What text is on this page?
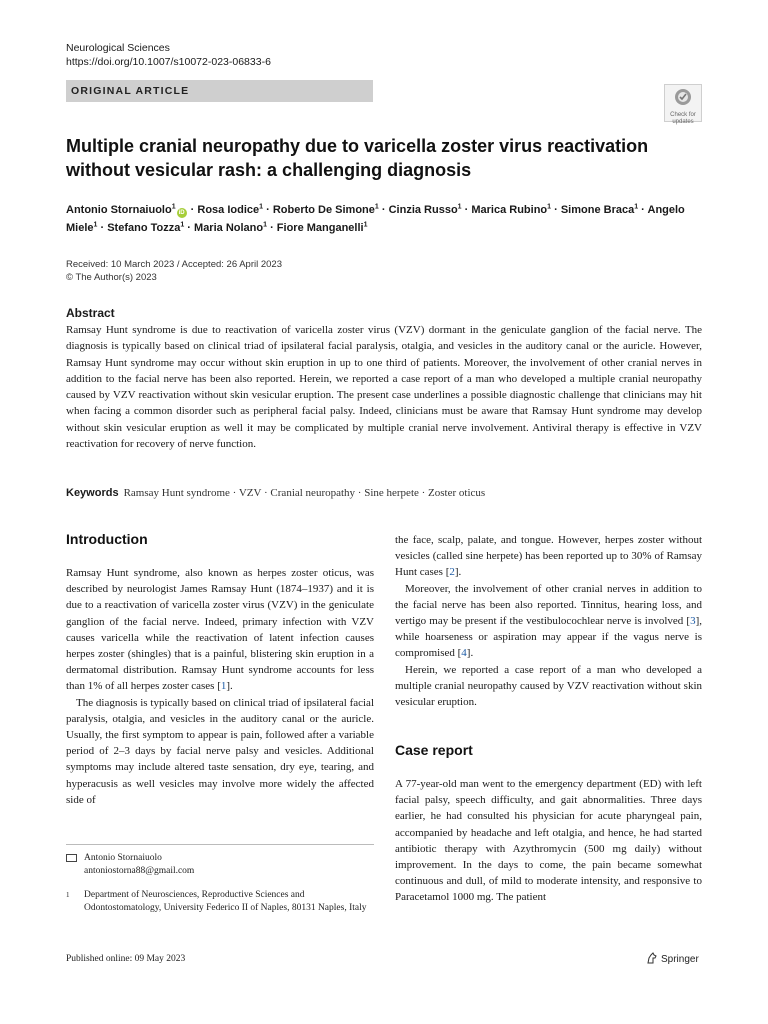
Neurological Sciences
https://doi.org/10.1007/s10072-023-06833-6
ORIGINAL ARTICLE
Check for
updates
Multiple cranial neuropathy due to varicella zoster virus reactivation without vesicular rash: a challenging diagnosis
Antonio Stornaiuolo$^1$iD · Rosa Iodice$^1$ · Roberto De Simone$^1$ · Cinzia Russo$^1$ · Marica Rubino$^1$ · Simone Braca$^1$ · Angelo Miele$^1$ · Stefano Tozza$^1$ · Maria Nolano$^1$ · Fiore Manganelli$^1$
Received: 10 March 2023 / Accepted: 26 April 2023
© The Author(s) 2023
Abstract
Ramsay Hunt syndrome is due to reactivation of varicella zoster virus (VZV) dormant in the geniculate ganglion of the facial nerve. The diagnosis is typically based on clinical triad of ipsilateral facial paralysis, otalgia, and vesicles in the auditory canal or the auricle. However, Ramsay Hunt syndrome may occur without skin eruption in up to one third of patients. Moreover, the involvement of other cranial nerves in addition to the facial nerve has been also reported. Herein, we reported a case report of a man who developed a multiple cranial neuropathy caused by VZV reactivation without skin vesicular eruption. The present case underlines a possible diagnostic challenge that clinicians may hit when facing a common disorder such as peripheral facial palsy. Indeed, clinicians must be aware that Ramsay Hunt syndrome may develop without skin vesicular eruption as well it may be complicated by multiple cranial nerve involvement. Antiviral therapy is effective in VZV reactivation for recovery of nerve function.
Keywords Ramsay Hunt syndrome · VZV · Cranial neuropathy · Sine herpete · Zoster oticus
Introduction

Ramsay Hunt syndrome, also known as herpes zoster oticus, was described by neurologist James Ramsay Hunt (1874–1937) and it is due to a reactivation of varicella zoster virus (VZV) in the geniculate ganglion of the facial nerve. Indeed, primary infection with VZV causes varicella while the reactivation of latent infection causes herpes zoster (shingles) that is a painful, blistering skin eruption in a dermatomal distribution. Ramsay Hunt syndrome accounts for less than 1% of all herpes zoster cases [1].

The diagnosis is typically based on clinical triad of ipsilateral facial paralysis, otalgia, and vesicles in the auditory canal or the auricle. Usually, the first symptom to appear is pain, followed after a variable period of 2–3 days by facial nerve palsy and vesicles. Additional symptoms may include altered taste sensation, dry eye, tearing, and hyperacusis as well vesicles may involve more widely the affected side of

Antonio Stornaiuolo
antoniostorna88@gmail.com
1	Department of Neurosciences, Reproductive Sciences and Odontostomatology, University Federico II of Naples, 80131 Naples, Italy

the face, scalp, palate, and tongue. However, herpes zoster without vesicles (called sine herpete) has been reported up to 30% of Ramsay Hunt cases [2].

Moreover, the involvement of other cranial nerves in addition to the facial nerve has been also reported. Tinnitus, hearing loss, and vertigo may be present if the vestibulocochlear nerve is involved [3], while hoarseness or aspiration may appear if the vagus nerve is compromised [4].

Herein, we reported a case report of a man who developed a multiple cranial neuropathy caused by VZV reactivation without skin vesicular eruption.

Case report

A 77-year-old man went to the emergency department (ED) with left facial palsy, speech difficulty, and gait abnormalities. Three days earlier, he had consulted his physician for acute pharyngeal pain, accompanied by headache and left otalgia, and hence, he had started antibiotic therapy with Azythromycin (500 mg daily) without improvement. In the days to come, the pain became somewhat continuous and dull, of mild to moderate intensity, and responsive to Paracetamol 1000 mg. The patient

Published online: 09 May 2023	Springer
